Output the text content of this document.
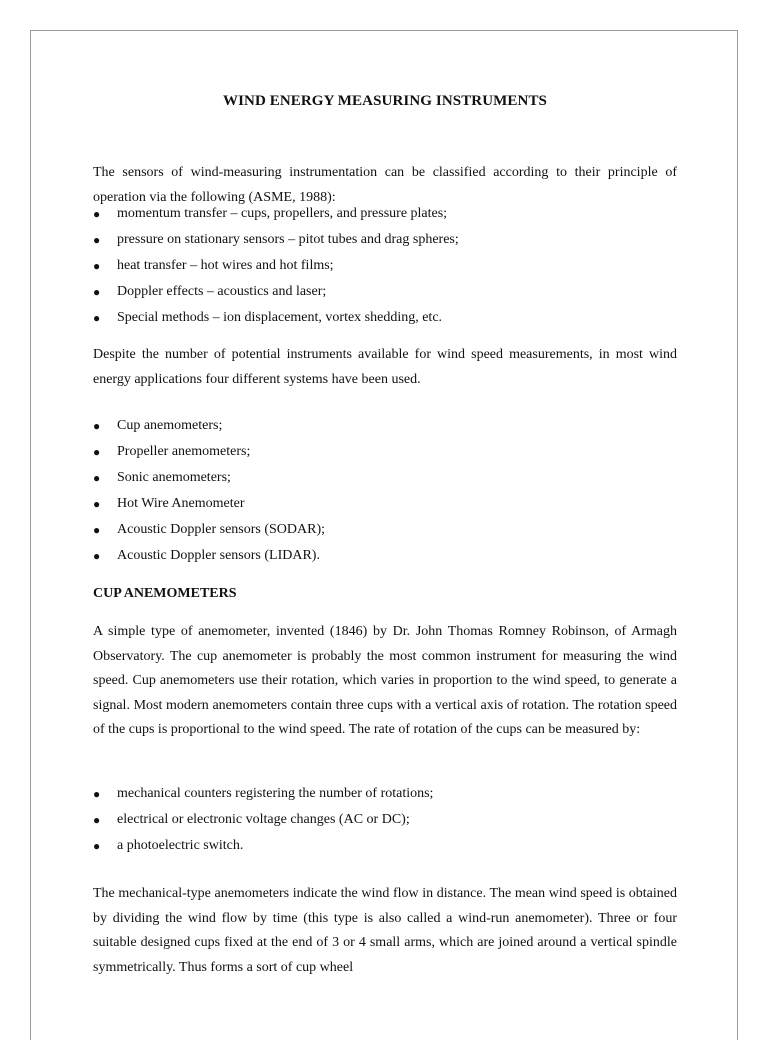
WIND ENERGY MEASURING INSTRUMENTS

The sensors of wind-measuring instrumentation can be classified according to their principle of operation via the following (ASME, 1988):

● momentum transfer – cups, propellers, and pressure plates;
● pressure on stationary sensors – pitot tubes and drag spheres;
● heat transfer – hot wires and hot films;
● Doppler effects – acoustics and laser;
● Special methods – ion displacement, vortex shedding, etc.

Despite the number of potential instruments available for wind speed measurements, in most wind energy applications four different systems have been used.

● Cup anemometers;
● Propeller anemometers;
● Sonic anemometers;
● Hot Wire Anemometer
● Acoustic Doppler sensors (SODAR);
● Acoustic Doppler sensors (LIDAR).
CUP ANEMOMETERS

A simple type of anemometer, invented (1846) by Dr. John Thomas Romney Robinson, of Armagh Observatory. The cup anemometer is probably the most common instrument for measuring the wind speed. Cup anemometers use their rotation, which varies in proportion to the wind speed, to generate a signal. Most modern anemometers contain three cups with a vertical axis of rotation. The rotation speed of the cups is proportional to the wind speed. The rate of rotation of the cups can be measured by:

● mechanical counters registering the number of rotations;
● electrical or electronic voltage changes (AC or DC);
● a photoelectric switch.

The mechanical-type anemometers indicate the wind flow in distance. The mean wind speed is obtained by dividing the wind flow by time (this type is also called a wind-run anemometer). Three or four suitable designed cups fixed at the end of 3 or 4 small arms, which are joined around a vertical spindle symmetrically. Thus forms a sort of cup wheel
